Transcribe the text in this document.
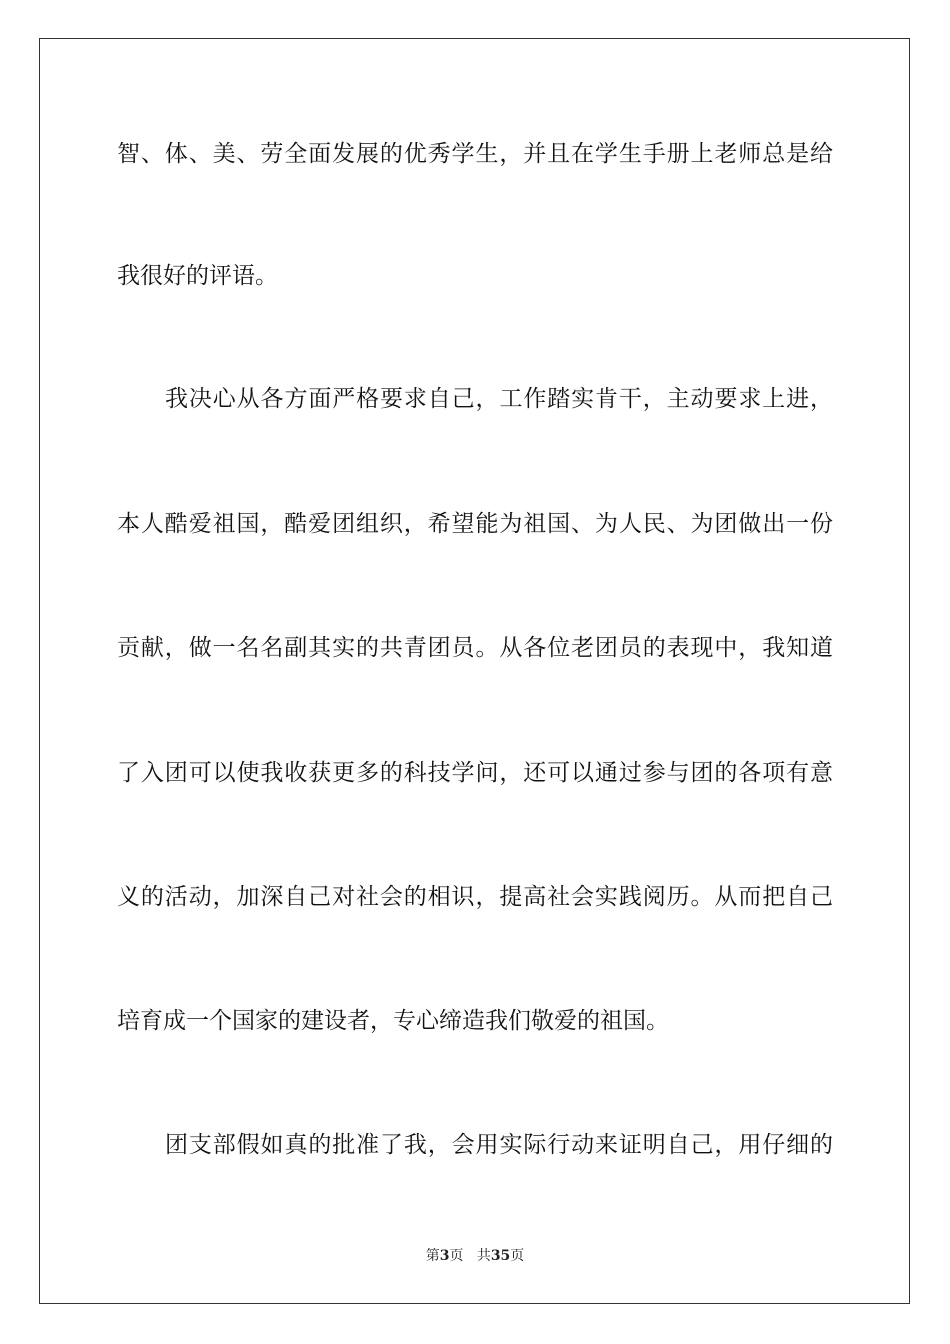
智、体、美、劳全面发展的优秀学生，并且在学生手册上老师总是给
我很好的评语。
我决心从各方面严格要求自己，工作踏实肯干，主动要求上进，
本人酷爱祖国，酷爱团组织，希望能为祖国、为人民、为团做出一份
贡献，做一名名副其实的共青团员。从各位老团员的表现中，我知道
了入团可以使我收获更多的科技学问，还可以通过参与团的各项有意
义的活动，加深自己对社会的相识，提高社会实践阅历。从而把自己
培育成一个国家的建设者，专心缔造我们敬爱的祖国。
团支部假如真的批准了我，会用实际行动来证明自己，用仔细的
第3页 共35页
